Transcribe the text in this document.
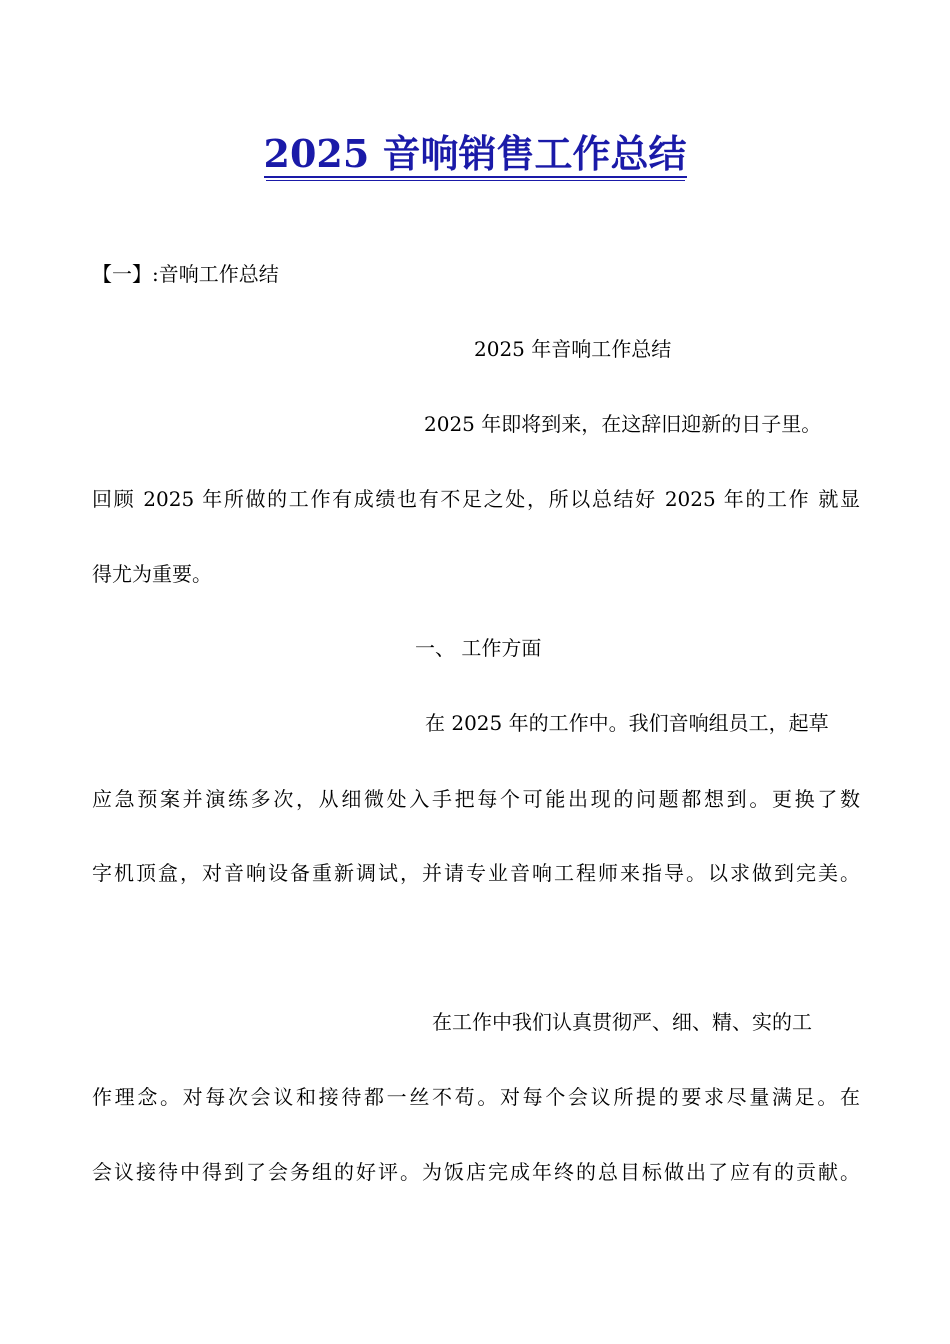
2025 音响销售工作总结
【一】:音响工作总结
2025 年音响工作总结
2025 年即将到来，在这辞旧迎新的日子里。
回顾 2025 年所做的工作有成绩也有不足之处，所以总结好 2025 年的工作 就显
得尤为重要。
一、 工作方面
在 2025 年的工作中。我们音响组员工，起草
应急预案并演练多次，从细微处入手把每个可能出现的问题都想到。更换了数
字机顶盒，对音响设备重新调试，并请专业音响工程师来指导。以求做到完美。
在工作中我们认真贯彻严、细、精、实的工
作理念。对每次会议和接待都一丝不苟。对每个会议所提的要求尽量满足。在
会议接待中得到了会务组的好评。为饭店完成年终的总目标做出了应有的贡献。
